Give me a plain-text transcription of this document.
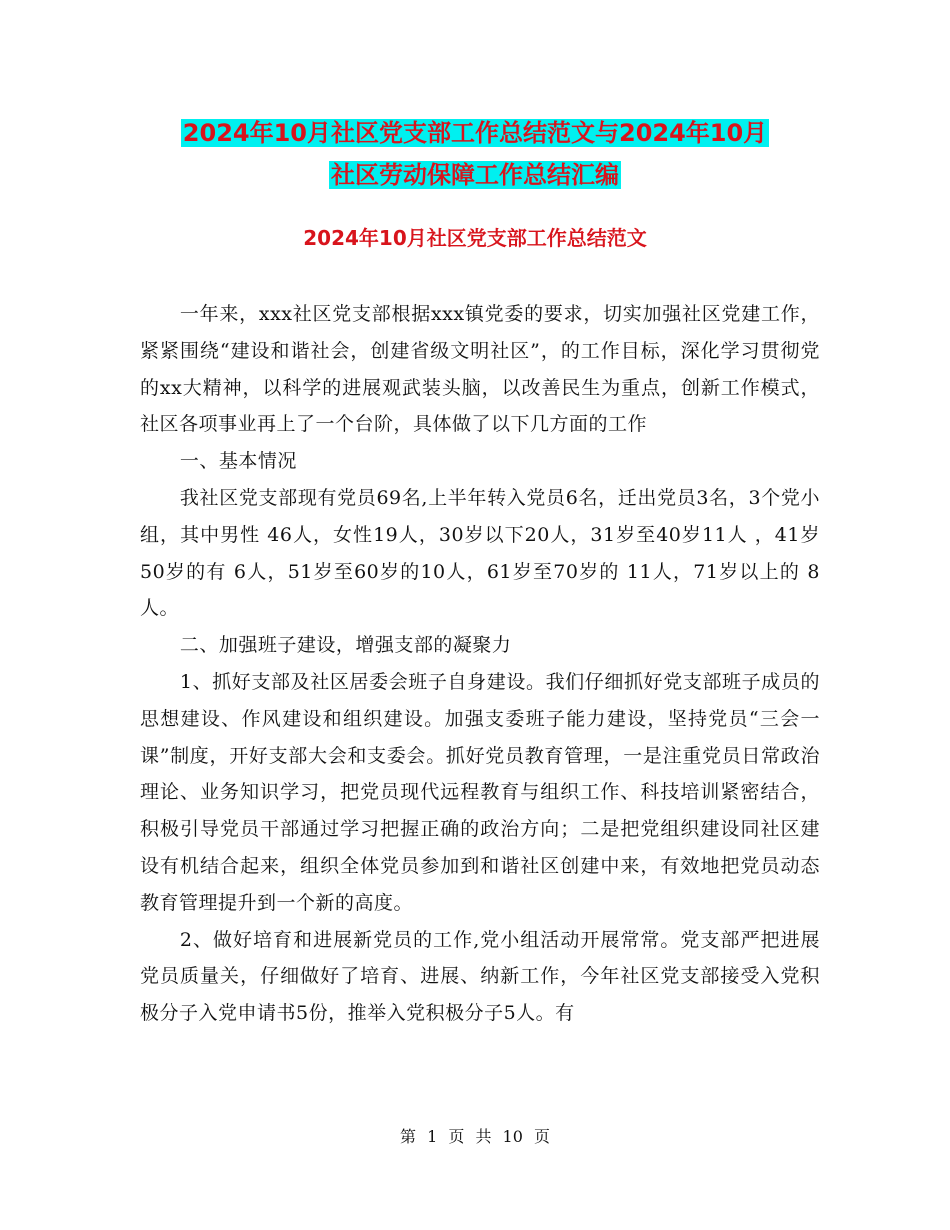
2024年10月社区党支部工作总结范文与2024年10月
社区劳动保障工作总结汇编
2024年10月社区党支部工作总结范文

一年来，xxx社区党支部根据xxx镇党委的要求，切实加强社区党建工作，紧紧围绕“建设和谐社会，创建省级文明社区”，的工作目标，深化学习贯彻党的xx大精神，以科学的进展观武装头脑，以改善民生为重点，创新工作模式，社区各项事业再上了一个台阶，具体做了以下几方面的工作

一、基本情况

我社区党支部现有党员69名,上半年转入党员6名，迁出党员3名，3个党小组，其中男性 46人，女性19人，30岁以下20人，31岁至40岁11人 ，41岁50岁的有 6人，51岁至60岁的10人，61岁至70岁的 11人，71岁以上的 8人。

二、加强班子建设，增强支部的凝聚力

1、抓好支部及社区居委会班子自身建设。我们仔细抓好党支部班子成员的思想建设、作风建设和组织建设。加强支委班子能力建设，坚持党员“三会一课”制度，开好支部大会和支委会。抓好党员教育管理，一是注重党员日常政治理论、业务知识学习，把党员现代远程教育与组织工作、科技培训紧密结合，积极引导党员干部通过学习把握正确的政治方向；二是把党组织建设同社区建设有机结合起来，组织全体党员参加到和谐社区创建中来，有效地把党员动态教育管理提升到一个新的高度。

2、做好培育和进展新党员的工作,党小组活动开展常常。党支部严把进展党员质量关，仔细做好了培育、进展、纳新工作，今年社区党支部接受入党积极分子入党申请书5份，推举入党积极分子5人。有

第 1 页 共 10 页
